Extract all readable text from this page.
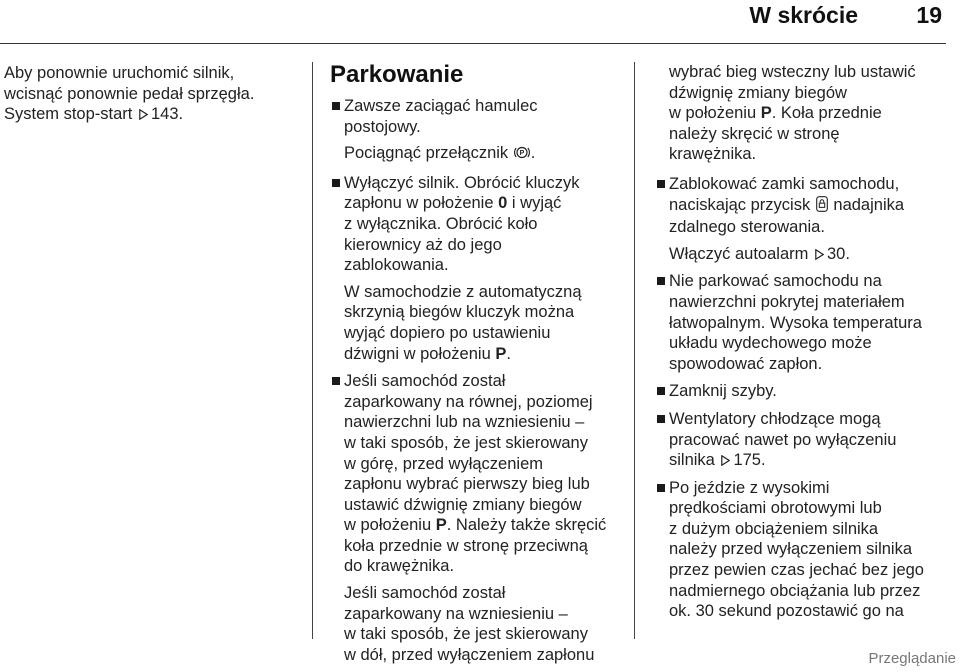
W skrócie	19
Aby ponownie uruchomić silnik,
wcisnąć ponownie pedał sprzęgła.
System stop-start 143.
Parkowanie
Zawsze zaciągać hamulec
postojowy.
Pociągnąć przełącznik P .
Wyłączyć silnik. Obrócić kluczyk
zapłonu w położenie 0 i wyjąć
z wyłącznika. Obrócić koło
kierownicy aż do jego
zablokowania.
W samochodzie z automatyczną
skrzynią biegów kluczyk można
wyjąć dopiero po ustawieniu
dźwigni w położeniu P.
Jeśli samochód został
zaparkowany na równej, poziomej
nawierzchni lub na wzniesieniu –
w taki sposób, że jest skierowany
w górę, przed wyłączeniem
zapłonu wybrać pierwszy bieg lub
ustawić dźwignię zmiany biegów
w położeniu P. Należy także skręcić
koła przednie w stronę przeciwną
do krawężnika.
Jeśli samochód został
zaparkowany na wzniesieniu –
w taki sposób, że jest skierowany
w dół, przed wyłączeniem zapłonu
wybrać bieg wsteczny lub ustawić
dźwignię zmiany biegów
w położeniu P. Koła przednie
należy skręcić w stronę
krawężnika.
Zablokować zamki samochodu,
naciskając przycisk nadajnika
zdalnego sterowania.
Włączyć autoalarm 30.
Nie parkować samochodu na
nawierzchni pokrytej materiałem
łatwopalnym. Wysoka temperatura
układu wydechowego może
spowodować zapłon.
Zamknij szyby.
Wentylatory chłodzące mogą
pracować nawet po wyłączeniu
silnika 175.
Po jeździe z wysokimi
prędkościami obrotowymi lub
z dużym obciążeniem silnika
należy przed wyłączeniem silnika
przez pewien czas jechać bez jego
nadmiernego obciążania lub przez
ok. 30 sekund pozostawić go na
Przeglądanie
